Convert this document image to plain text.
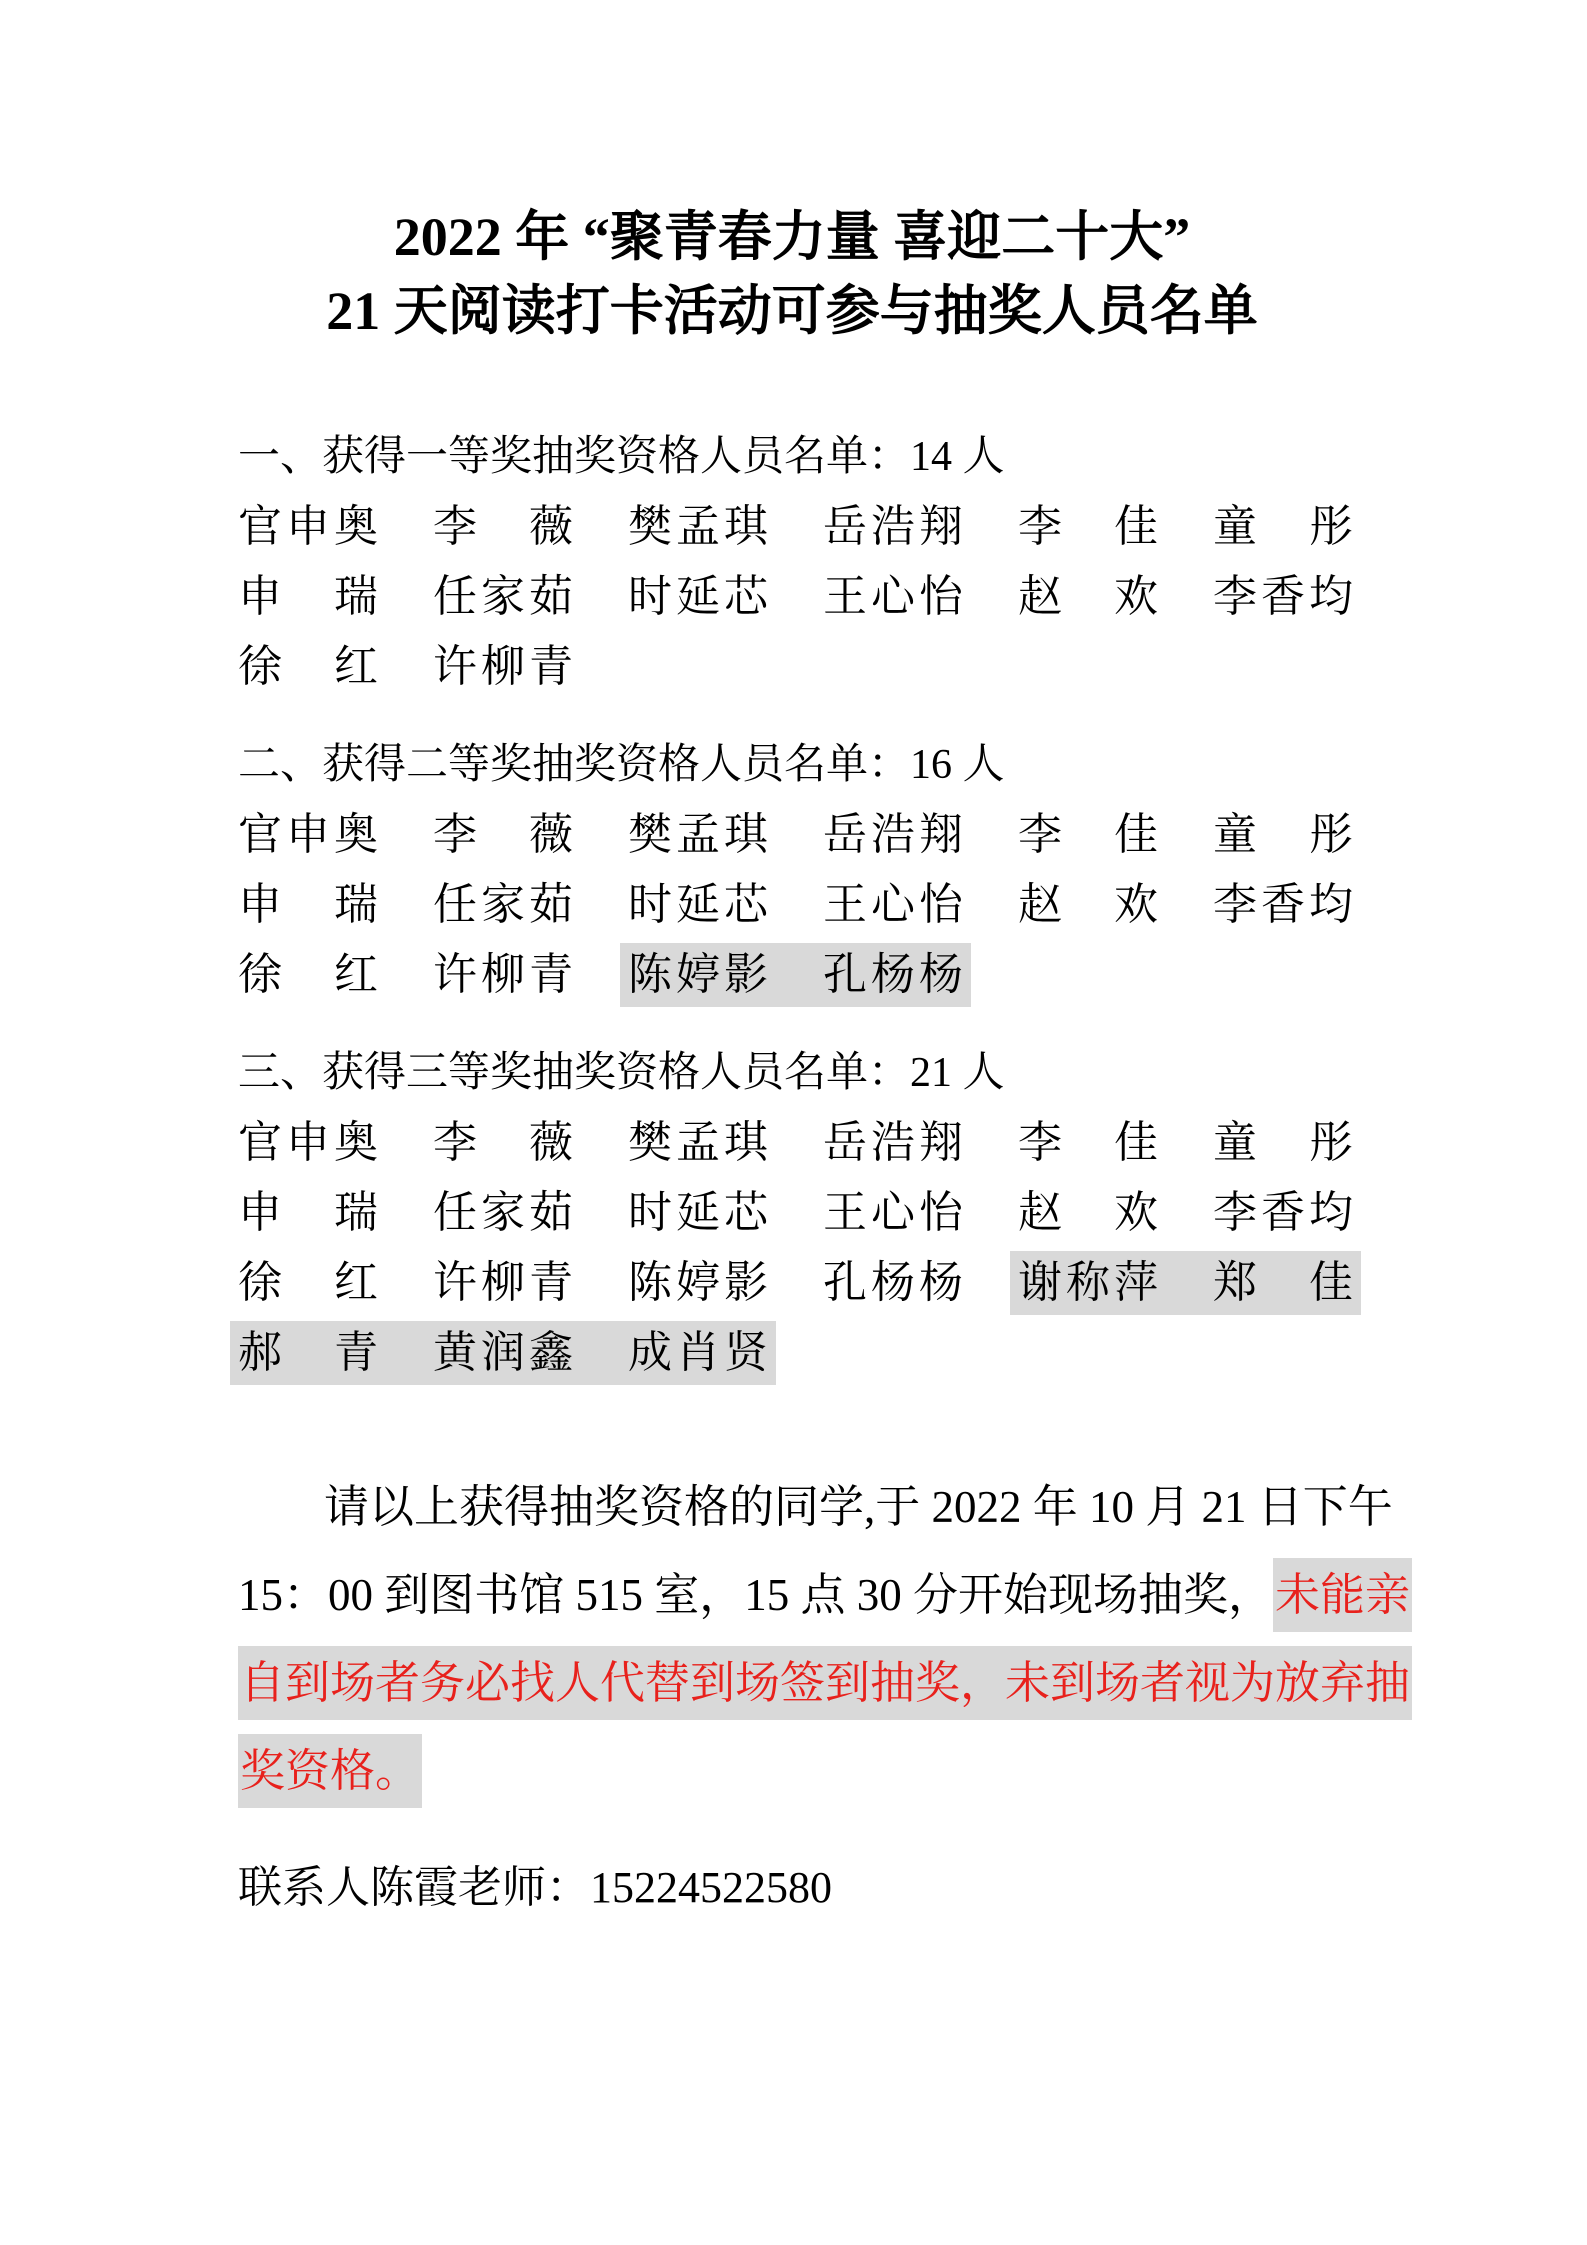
2022 年 “聚青春力量 喜迎二十大”
21 天阅读打卡活动可参与抽奖人员名单
一、获得一等奖抽奖资格人员名单：14 人
官 申 奥 李 薇 樊 孟 琪 岳 浩 翔 李 佳 童 彤
申 瑞 任 家 茹 时 延 芯 王 心 怡 赵 欢 李 香 均
徐 红 许 柳 青
二、获得二等奖抽奖资格人员名单：16 人
官 申 奥 李 薇 樊 孟 琪 岳 浩 翔 李 佳 童 彤
申 瑞 任 家 茹 时 延 芯 王 心 怡 赵 欢 李 香 均
徐 红 许 柳 青 陈 婷 影 孔 杨 杨
三、获得三等奖抽奖资格人员名单：21 人
官 申 奥 李 薇 樊 孟 琪 岳 浩 翔 李 佳 童 彤
申 瑞 任 家 茹 时 延 芯 王 心 怡 赵 欢 李 香 均
徐 红 许 柳 青 陈 婷 影 孔 杨 杨 谢 称 萍 郑 佳
郝 青 黄 润 鑫 成 肖 贤
请以上获得抽奖资格的同学,于 2022 年 10 月 21 日下午
15：00 到图书馆 515 室，15 点 30 分开始现场抽奖，未能亲
自到场者务必找人代替到场签到抽奖，未到场者视为放弃抽
奖资格。
联系人陈霞老师：15224522580
